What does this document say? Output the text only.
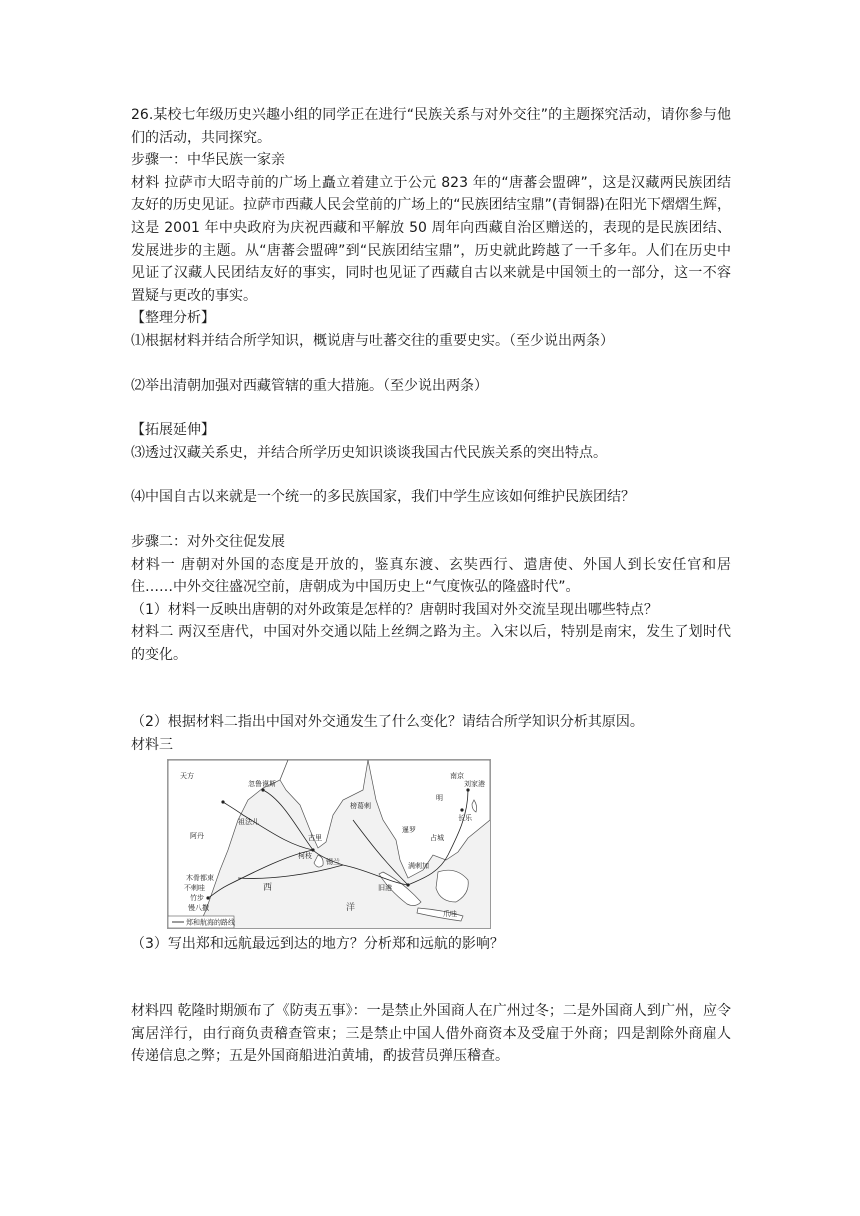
26.某校七年级历史兴趣小组的同学正在进行“民族关系与对外交往”的主题探究活动，请你参与他们的活动，共同探究。

步骤一：中华民族一家亲

材料 拉萨市大昭寺前的广场上矗立着建立于公元 823 年的“唐蕃会盟碑”，这是汉藏两民族团结友好的历史见证。拉萨市西藏人民会堂前的广场上的“民族团结宝鼎”(青铜器)在阳光下熠熠生辉，这是 2001 年中央政府为庆祝西藏和平解放 50 周年向西藏自治区赠送的，表现的是民族团结、发展进步的主题。从“唐蕃会盟碑”到“民族团结宝鼎”，历史就此跨越了一千多年。人们在历史中见证了汉藏人民团结友好的事实，同时也见证了西藏自古以来就是中国领土的一部分，这一不容置疑与更改的事实。

【整理分析】

⑴根据材料并结合所学知识，概说唐与吐蕃交往的重要史实。（至少说出两条）

⑵举出清朝加强对西藏管辖的重大措施。（至少说出两条）

【拓展延伸】

⑶透过汉藏关系史，并结合所学历史知识谈谈我国古代民族关系的突出特点。

⑷中国自古以来就是一个统一的多民族国家，我们中学生应该如何维护民族团结？

步骤二：对外交往促发展

材料一 唐朝对外国的态度是开放的，鉴真东渡、玄奘西行、遣唐使、外国人到长安任官和居住……中外交往盛况空前，唐朝成为中国历史上“气度恢弘的隆盛时代”。

（1）材料一反映出唐朝的对外政策是怎样的？唐朝时我国对外交流呈现出哪些特点？

材料二 两汉至唐代，中国对外交通以陆上丝绸之路为主。入宋以后，特别是南宋，发生了划时代的变化。

（2）根据材料二指出中国对外交通发生了什么变化？请结合所学知识分析其原因。

材料三

天方
忽鲁谟斯
祖法儿
阿丹
木骨都束
不剌哇
竹步
慢八撒
古里
柯枝
锡兰
榜葛剌
暹罗
占城
满剌加
旧港
爪哇
南京
刘家港
长乐
明
西
洋
郑和航海的路线

（3）写出郑和远航最远到达的地方？分析郑和远航的影响？

材料四 乾隆时期颁布了《防夷五事》：一是禁止外国商人在广州过冬；二是外国商人到广州，应令寓居洋行，由行商负责稽查管束；三是禁止中国人借外商资本及受雇于外商；四是割除外商雇人传递信息之弊；五是外国商船进泊黄埔，酌拔营员弹压稽查。
